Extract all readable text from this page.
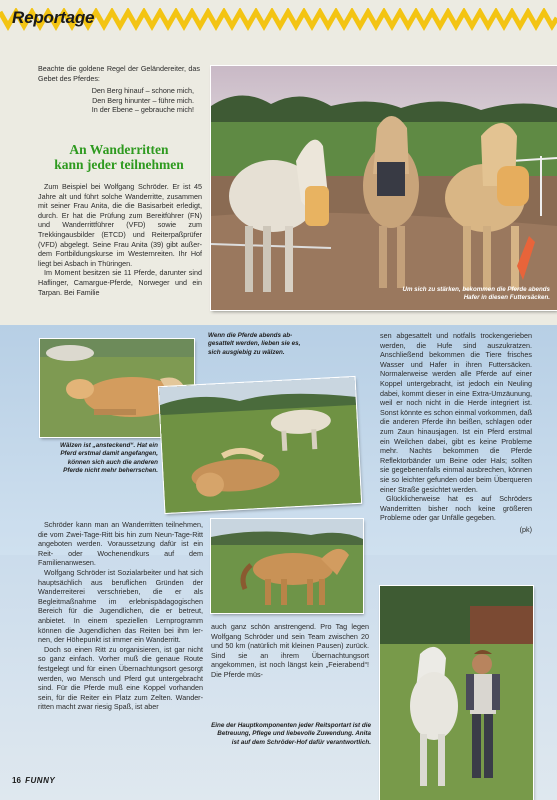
Reportage
Beachte die goldene Regel der Geländereiter, das Gebet des Pferdes:
Den Berg hinauf – schone mich,
Den Berg hinunter – führe mich.
In der Ebene – gebrauche mich!
An Wanderritten
kann jeder teilnehmen

Zum Beispiel bei Wolfgang Schröder. Er ist 45 Jahre alt und führt solche Wanderritte, zusammen mit seiner Frau Anita, die die Basisarbeit erledigt, durch. Er hat die Prüfung zum Bereitführer (FN) und Wanderrittführer (VFD) sowie zum Trekkingausbilder (ETCD) und Reiterpaßprüfer (VFD) abgelegt. Seine Frau Anita (39) gibt außerdem Fortbildungskurse im Westernreiten. Ihr Hof liegt bei Asbach in Thüringen.

Im Moment besitzen sie 11 Pferde, darunter sind Haflinger, Camargue-Pferde, Norweger und ein Tarpan. Bei Familie	Um sich zu stärken, bekommen die Pferde abends Hafer in diesen Futtersäcken.
Wenn die Pferde abends abgesattelt werden, lieben sie es, sich ausgiebig zu wälzen.
Wälzen ist „ansteckend“. Hat ein Pferd erstmal damit angefangen, können sich auch die anderen Pferde nicht mehr beherrschen.

Schröder kann man an Wanderritten teilnehmen, die vom Zwei-Tage-Ritt bis hin zum Neun-Tage-Ritt angeboten werden. Voraussetzung dafür ist ein Reit- oder Wochenendkurs auf dem Familienanwesen.

Wolfgang Schröder ist Sozialarbeiter und hat sich hauptsächlich aus beruflichen Gründen der Wanderreiterei verschrieben, die er als Begleitmaßnahme im erlebnispädagogischen Bereich für die Jugendlichen, die er betreut, anbietet. In einem speziellen Lernprogramm können die Jugendlichen das Reiten bei ihm lernen, der Höhepunkt ist immer ein Wanderritt.

Doch so einen Ritt zu organisieren, ist gar nicht so ganz einfach. Vorher muß die genaue Route festgelegt und für einen Übernachtungsort gesorgt werden, wo Mensch und Pferd gut untergebracht sind. Für die Pferde muß eine Koppel vorhanden sein, für die Reiter ein Platz zum Zelten. Wanderritten macht zwar riesig Spaß, ist aber

auch ganz schön anstrengend. Pro Tag legen Wolfgang Schröder und sein Team zwischen 20 und 50 km (natürlich mit kleinen Pausen) zurück. Sind sie an ihrem Übernachtungsort angekommen, ist noch längst kein „Feierabend“! Die Pferde müs-

Eine der Hauptkomponenten jeder Reitsportart ist die Betreuung, Pflege und liebevolle Zuwendung. Anita ist auf dem Schröder-Hof dafür verantwortlich.

sen abgesattelt und notfalls trockengerieben werden, die Hufe sind auszukratzen. Anschließend bekommen die Tiere frisches Wasser und Hafer in ihren Futtersäcken. Normalerweise werden alle Pferde auf einer Koppel untergebracht, ist jedoch ein Neuling dabei, kommt dieser in eine Extra-Umzäunung, weil er noch nicht in die Herde integriert ist. Sonst könnte es schon einmal vorkommen, daß die anderen Pferde ihn beißen, schlagen oder zum Zaun hinausjagen. Ist ein Pferd erstmal ein Weilchen dabei, gibt es keine Probleme mehr. Nachts bekommen die Pferde Reflektorbänder um Beine oder Hals; sollten sie gegebenenfalls einmal ausbrechen, können sie so leichter gefunden oder beim Überqueren einer Straße gesichtet werden.

Glücklicherweise hat es auf Schröders Wanderritten bisher noch keine größeren Probleme oder gar Unfälle gegeben.

(pk)
16 FUNNY
